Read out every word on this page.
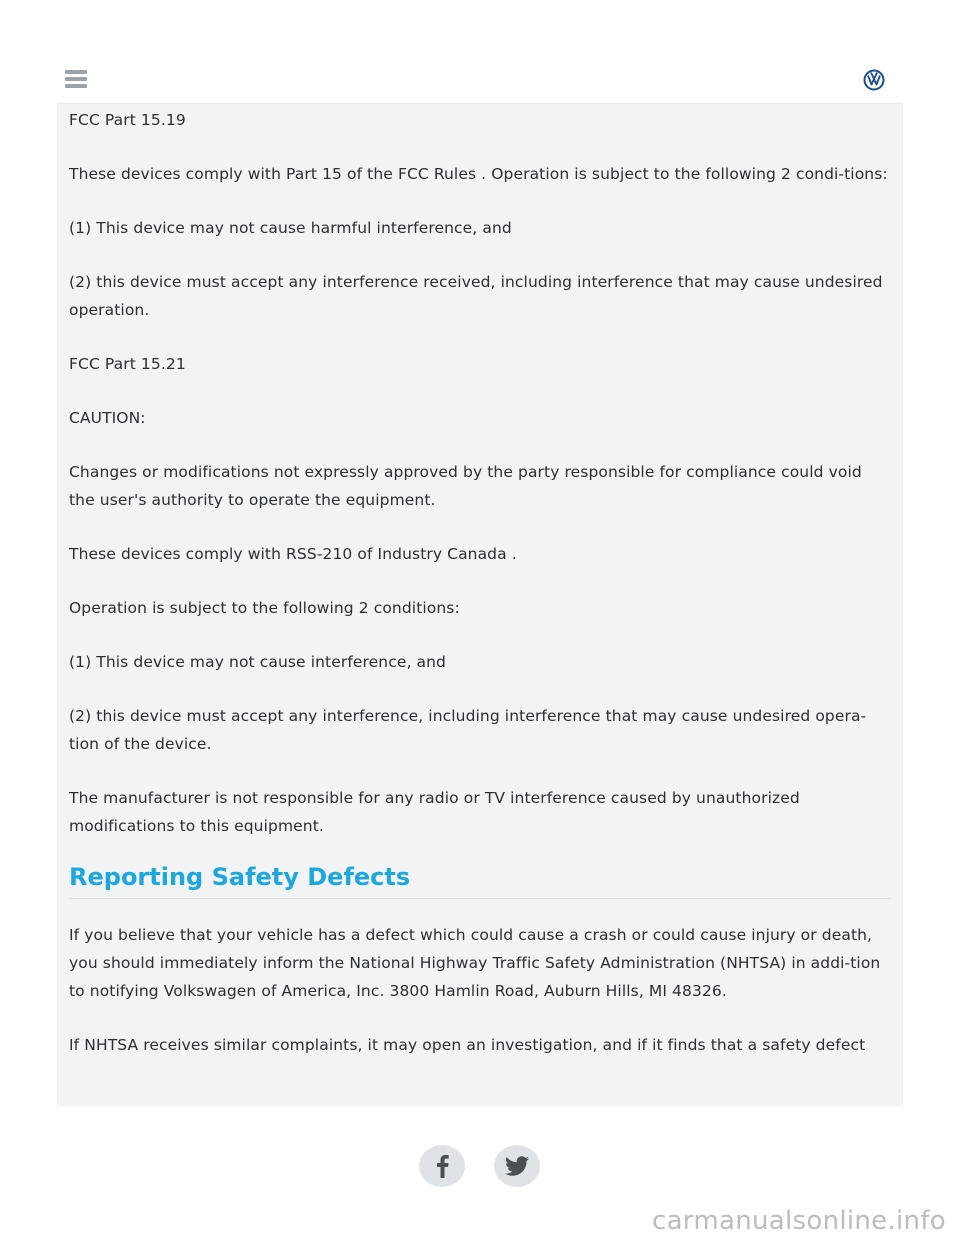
FCC Part 15.19

These devices comply with Part 15 of the FCC Rules . Operation is subject to the following 2 condi-tions:

(1) This device may not cause harmful interference, and

(2) this device must accept any interference received, including interference that may cause undesired operation.

FCC Part 15.21

CAUTION:

Changes or modifications not expressly approved by the party responsible for compliance could void the user's authority to operate the equipment.

These devices comply with RSS-210 of Industry Canada .

Operation is subject to the following 2 conditions:

(1) This device may not cause interference, and

(2) this device must accept any interference, including interference that may cause undesired opera-tion of the device.

The manufacturer is not responsible for any radio or TV interference caused by unauthorized modifications to this equipment.

Reporting Safety Defects

If you believe that your vehicle has a defect which could cause a crash or could cause injury or death, you should immediately inform the National Highway Traffic Safety Administration (NHTSA) in addi-tion to notifying Volkswagen of America, Inc. 3800 Hamlin Road, Auburn Hills, MI 48326.

If NHTSA receives similar complaints, it may open an investigation, and if it finds that a safety defect

carmanualsonline.info
